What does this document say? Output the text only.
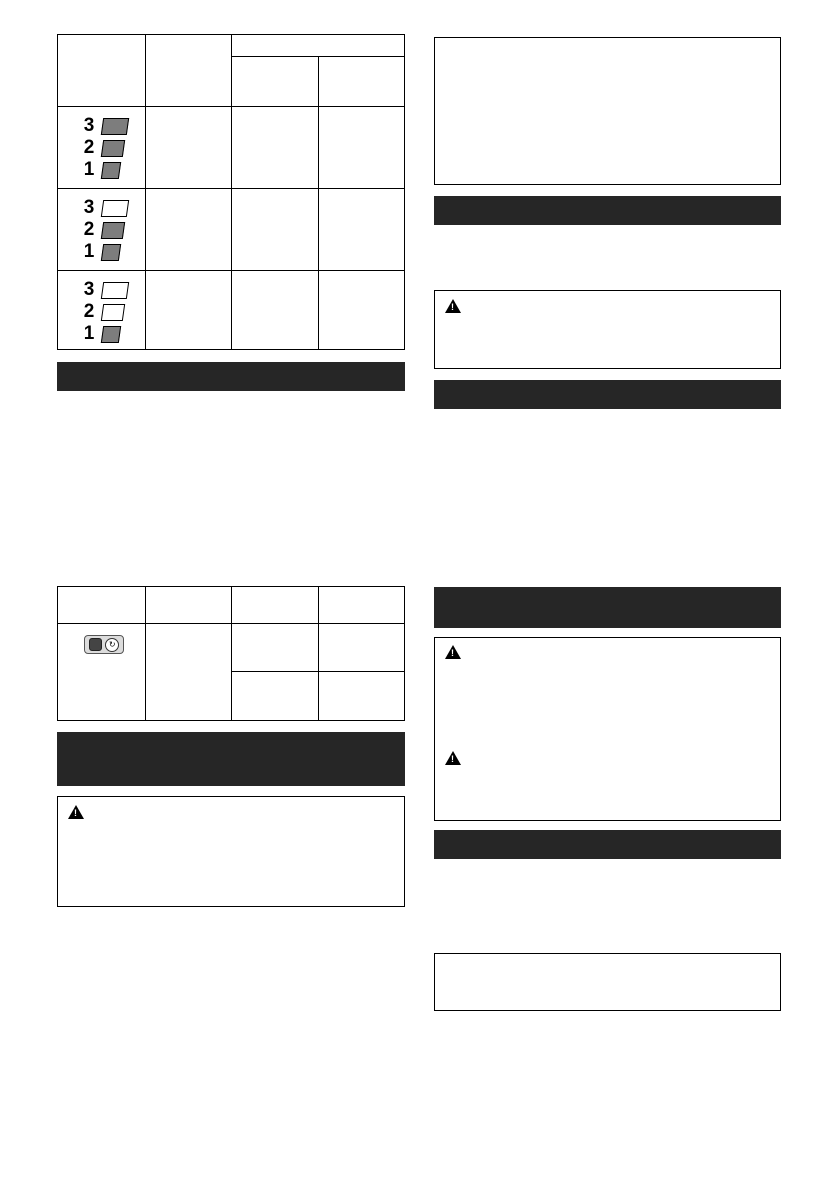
3
2
1
3
2
1
3
2
1
↻
!
!
!
!
